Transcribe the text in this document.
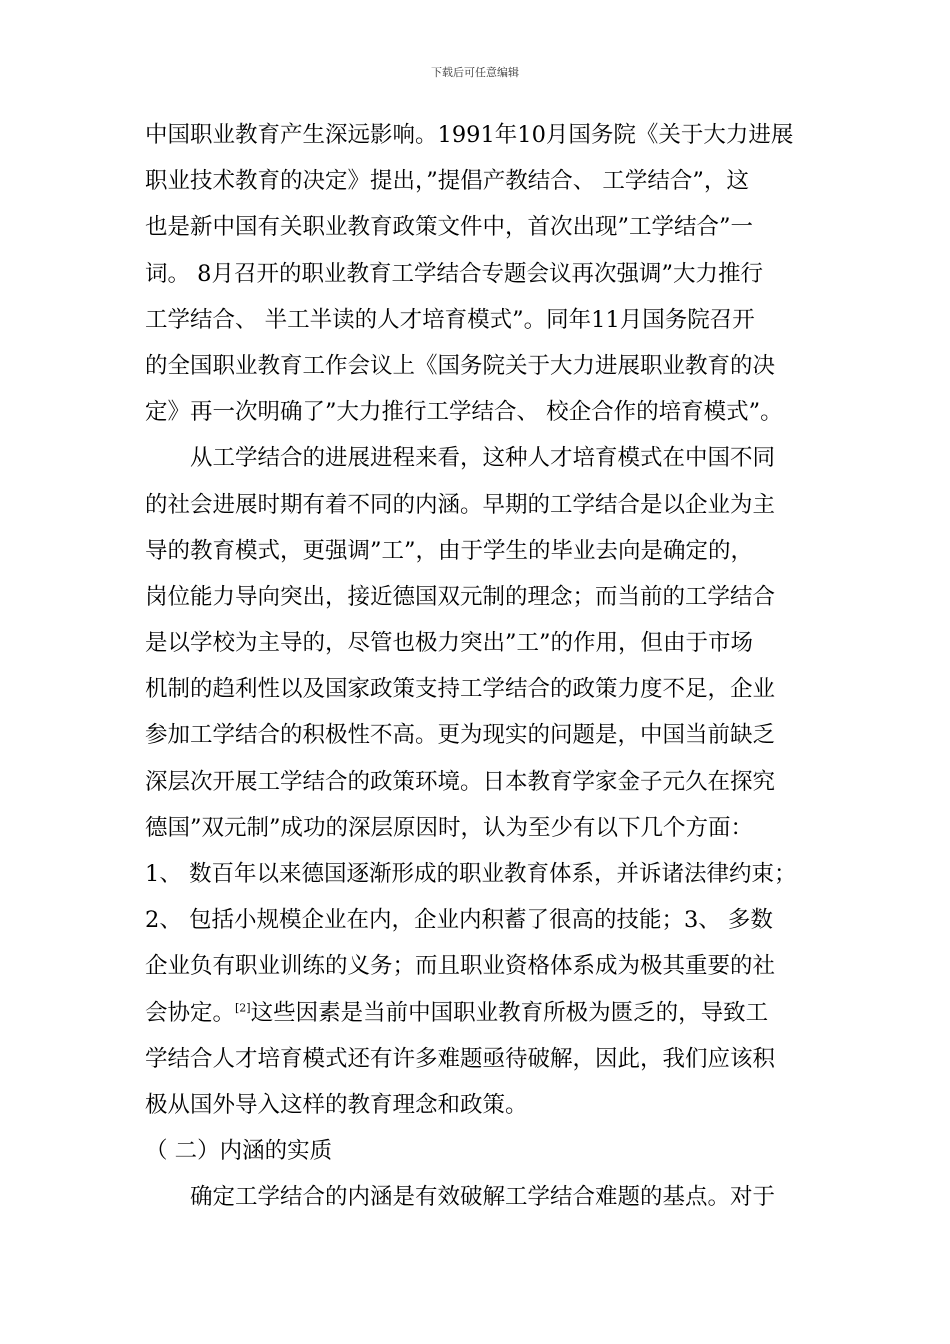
下载后可任意编辑
中国职业教育产生深远影响。1991年10月国务院《关于大力进展
职业技术教育的决定》提出，”提倡产教结合、 工学结合”，这
也是新中国有关职业教育政策文件中，首次出现”工学结合”一
词。 8月召开的职业教育工学结合专题会议再次强调”大力推行
工学结合、 半工半读的人才培育模式”。同年11月国务院召开
的全国职业教育工作会议上《国务院关于大力进展职业教育的决
定》再一次明确了”大力推行工学结合、 校企合作的培育模式”。
　　从工学结合的进展进程来看，这种人才培育模式在中国不同
的社会进展时期有着不同的内涵。早期的工学结合是以企业为主
导的教育模式，更强调”工”，由于学生的毕业去向是确定的，
岗位能力导向突出，接近德国双元制的理念；而当前的工学结合
是以学校为主导的，尽管也极力突出”工”的作用，但由于市场
机制的趋利性以及国家政策支持工学结合的政策力度不足，企业
参加工学结合的积极性不高。更为现实的问题是，中国当前缺乏
深层次开展工学结合的政策环境。日本教育学家金子元久在探究
德国”双元制”成功的深层原因时，认为至少有以下几个方面：
1、 数百年以来德国逐渐形成的职业教育体系，并诉诸法律约束；
2、 包括小规模企业在内，企业内积蓄了很高的技能；3、 多数
企业负有职业训练的义务；而且职业资格体系成为极其重要的社
会协定。[2]这些因素是当前中国职业教育所极为匮乏的，导致工
学结合人才培育模式还有许多难题亟待破解，因此，我们应该积
极从国外导入这样的教育理念和政策。
（ 二）内涵的实质
　　确定工学结合的内涵是有效破解工学结合难题的基点。对于
